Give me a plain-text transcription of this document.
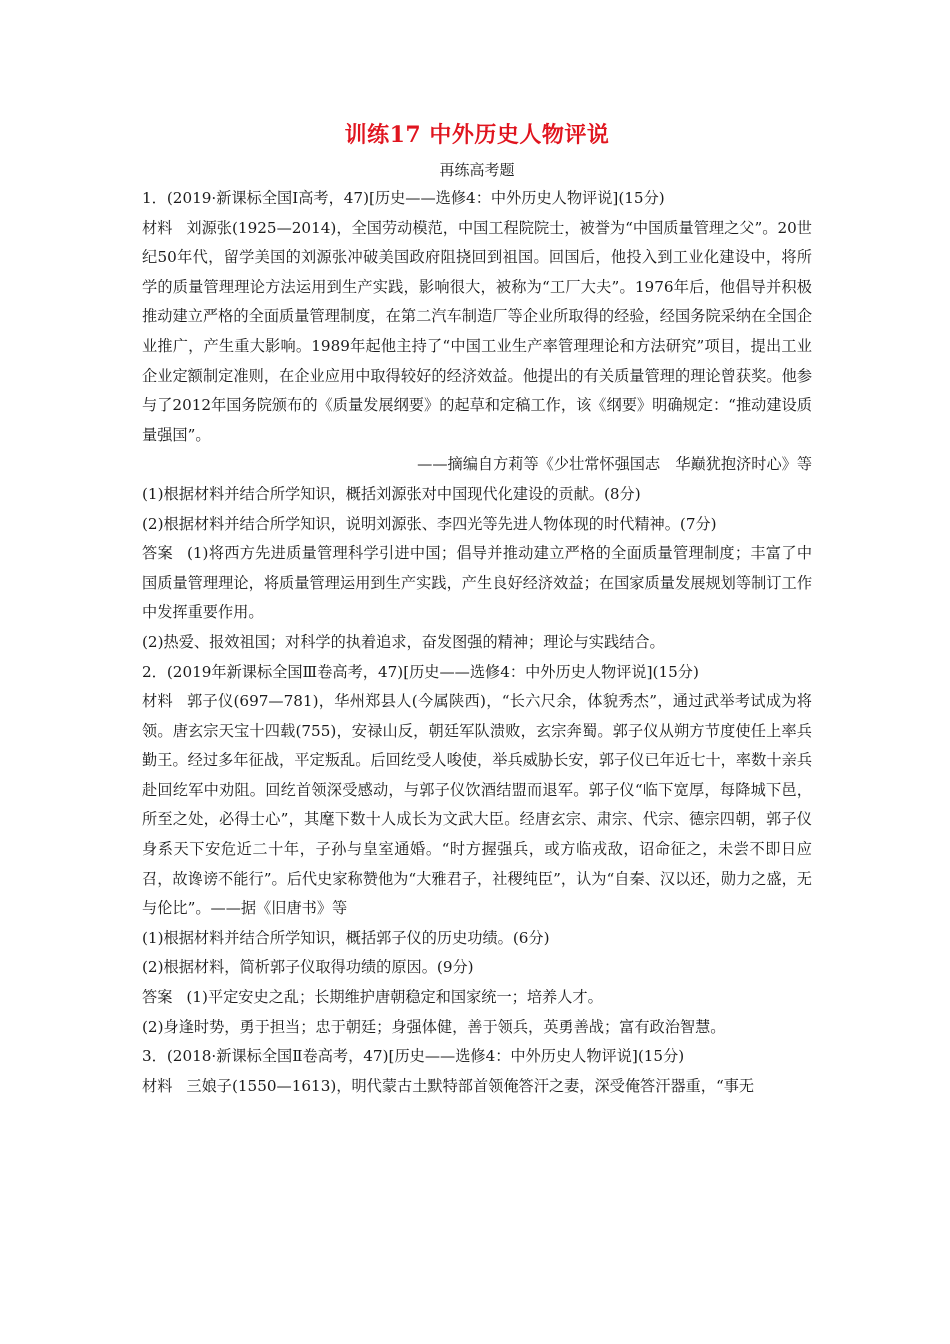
训练17 中外历史人物评说
再练高考题
1．(2019·新课标全国Ⅰ高考，47)[历史——选修4：中外历史人物评说](15分)

材料 刘源张(1925—2014)，全国劳动模范，中国工程院院士，被誉为“中国质量管理之父”。20世纪50年代，留学美国的刘源张冲破美国政府阻挠回到祖国。回国后，他投入到工业化建设中，将所学的质量管理理论方法运用到生产实践，影响很大，被称为“工厂大夫”。1976年后，他倡导并积极推动建立严格的全面质量管理制度，在第二汽车制造厂等企业所取得的经验，经国务院采纳在全国企业推广，产生重大影响。1989年起他主持了“中国工业生产率管理理论和方法研究”项目，提出工业企业定额制定准则，在企业应用中取得较好的经济效益。他提出的有关质量管理的理论曾获奖。他参与了2012年国务院颁布的《质量发展纲要》的起草和定稿工作，该《纲要》明确规定：“推动建设质量强国”。

——摘编自方莉等《少壮常怀强国志　华巅犹抱济时心》等
(1)根据材料并结合所学知识，概括刘源张对中国现代化建设的贡献。(8分)
(2)根据材料并结合所学知识，说明刘源张、李四光等先进人物体现的时代精神。(7分)

答案 (1)将西方先进质量管理科学引进中国；倡导并推动建立严格的全面质量管理制度；丰富了中国质量管理理论，将质量管理运用到生产实践，产生良好经济效益；在国家质量发展规划等制订工作中发挥重要作用。

(2)热爱、报效祖国；对科学的执着追求，奋发图强的精神；理论与实践结合。
2．(2019年新课标全国Ⅲ卷高考，47)[历史——选修4：中外历史人物评说](15分)

材料 郭子仪(697—781)，华州郑县人(今属陕西)，“长六尺余，体貌秀杰”，通过武举考试成为将领。唐玄宗天宝十四载(755)，安禄山反，朝廷军队溃败，玄宗奔蜀。郭子仪从朔方节度使任上率兵勤王。经过多年征战，平定叛乱。后回纥受人唆使，举兵威胁长安，郭子仪已年近七十，率数十亲兵赴回纥军中劝阻。回纥首领深受感动，与郭子仪饮酒结盟而退军。郭子仪“临下宽厚，每降城下邑，所至之处，必得士心”，其麾下数十人成长为文武大臣。经唐玄宗、肃宗、代宗、德宗四朝，郭子仪身系天下安危近二十年，子孙与皇室通婚。“时方握强兵，或方临戎敌，诏命征之，未尝不即日应召，故谗谤不能行”。后代史家称赞他为“大雅君子，社稷纯臣”，认为“自秦、汉以还，勋力之盛，无与伦比”。——据《旧唐书》等

(1)根据材料并结合所学知识，概括郭子仪的历史功绩。(6分)
(2)根据材料，简析郭子仪取得功绩的原因。(9分)

答案 (1)平定安史之乱；长期维护唐朝稳定和国家统一；培养人才。

(2)身逢时势，勇于担当；忠于朝廷；身强体健，善于领兵，英勇善战；富有政治智慧。
3．(2018·新课标全国Ⅱ卷高考，47)[历史——选修4：中外历史人物评说](15分)

材料 三娘子(1550—1613)，明代蒙古土默特部首领俺答汗之妻，深受俺答汗器重，“事无
